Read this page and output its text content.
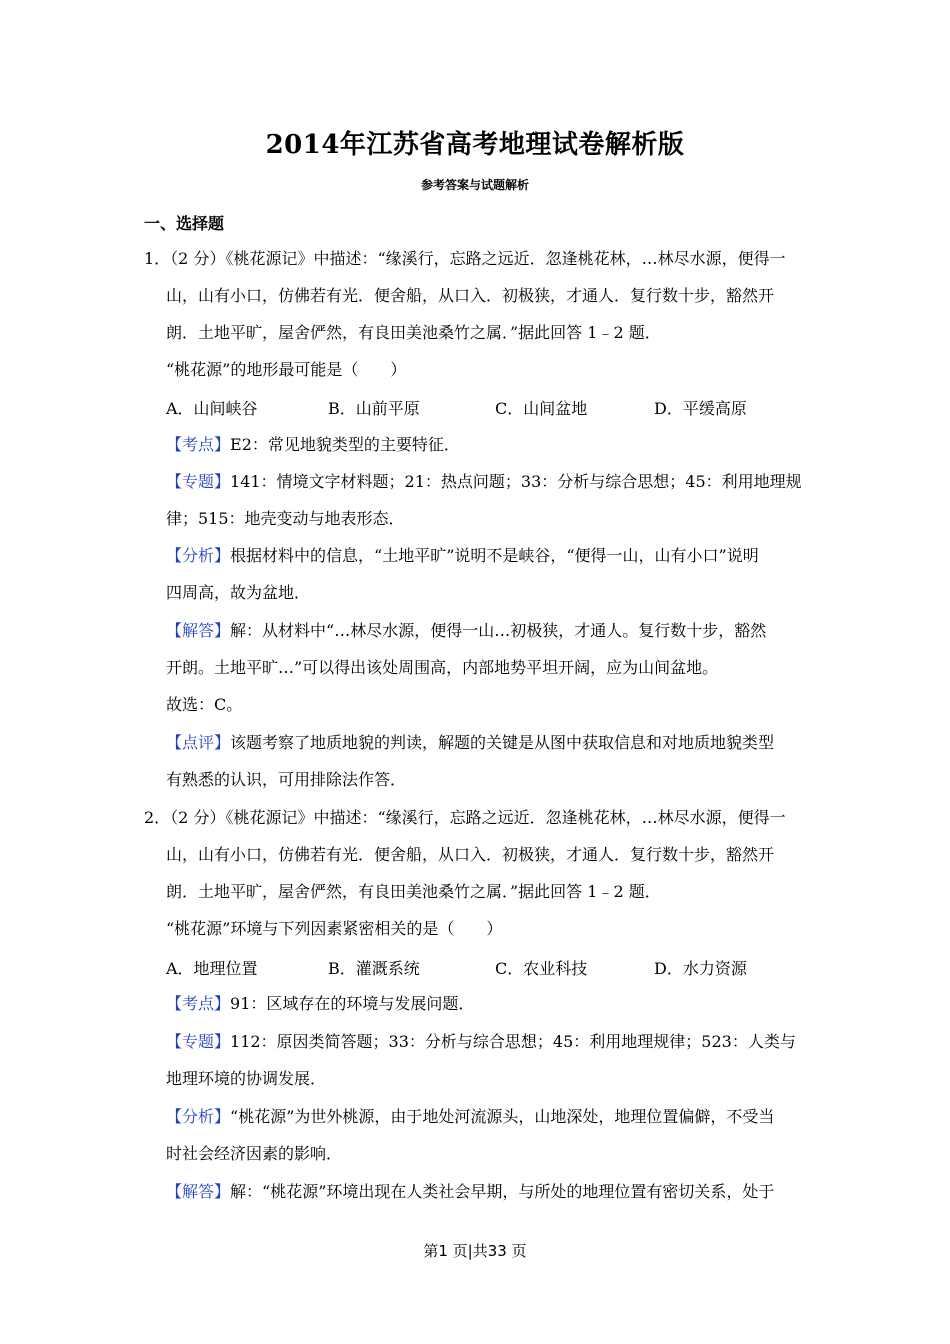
2014年江苏省高考地理试卷解析版
参考答案与试题解析
一、选择题
1．（2 分）《桃花源记》中描述：“缘溪行，忘路之远近．忽逢桃花林，…林尽水源，便得一
山，山有小口，仿佛若有光．便舍船，从口入．初极狭，才通人．复行数十步，豁然开
朗．土地平旷，屋舍俨然，有良田美池桑竹之属．”据此回答 1﹣2 题．
“桃花源”的地形最可能是（　　）
A．山间峡谷	B．山前平原	C．山间盆地	D．平缓高原
【考点】E2：常见地貌类型的主要特征．
【专题】141：情境文字材料题；21：热点问题；33：分析与综合思想；45：利用地理规
律；515：地壳变动与地表形态．
【分析】根据材料中的信息，“土地平旷”说明不是峡谷，“便得一山，山有小口”说明
四周高，故为盆地．
【解答】解：从材料中“…林尽水源，便得一山…初极狭，才通人。复行数十步，豁然
开朗。土地平旷…”可以得出该处周围高，内部地势平坦开阔，应为山间盆地。
故选：C。
【点评】该题考察了地质地貌的判读，解题的关键是从图中获取信息和对地质地貌类型
有熟悉的认识，可用排除法作答．
2．（2 分）《桃花源记》中描述：“缘溪行，忘路之远近．忽逢桃花林，…林尽水源，便得一
山，山有小口，仿佛若有光．便舍船，从口入．初极狭，才通人．复行数十步，豁然开
朗．土地平旷，屋舍俨然，有良田美池桑竹之属．”据此回答 1﹣2 题．
“桃花源”环境与下列因素紧密相关的是（　　）
A．地理位置	B．灌溉系统	C．农业科技	D．水力资源
【考点】91：区域存在的环境与发展问题．
【专题】112：原因类简答题；33：分析与综合思想；45：利用地理规律；523：人类与
地理环境的协调发展．
【分析】“桃花源”为世外桃源，由于地处河流源头，山地深处，地理位置偏僻，不受当
时社会经济因素的影响．
【解答】解：“桃花源”环境出现在人类社会早期，与所处的地理位置有密切关系，处于
第1 页|共33 页
